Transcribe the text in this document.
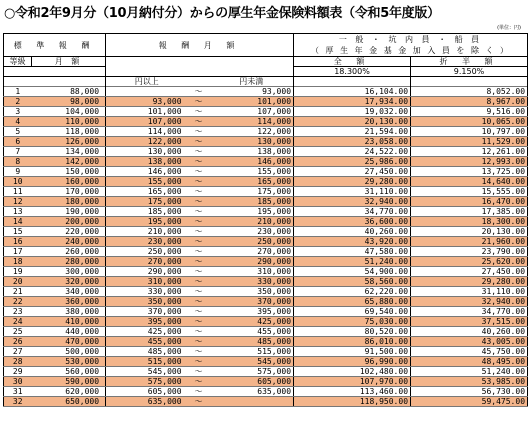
○令和2年9月分（10月納付分）からの厚生年金保険料額表（令和5年度版）
(単位：円)
標 準 報 酬		報 酬 月 額			一 般 ・ 坑 内 員 ・ 船 員	
					（ 厚 生 年 金 基 金 加 入 員 を 除 く ）	
等級	月 額				全 額	折 半 額
					18.300%	9.150%
		円以上		円未満		
1	88,000		〜	93,000	16,104.00	8,052.00
2	98,000	93,000	〜	101,000	17,934.00	8,967.00
3	104,000	101,000	〜	107,000	19,032.00	9,516.00
4	110,000	107,000	〜	114,000	20,130.00	10,065.00
5	118,000	114,000	〜	122,000	21,594.00	10,797.00
6	126,000	122,000	〜	130,000	23,058.00	11,529.00
7	134,000	130,000	〜	138,000	24,522.00	12,261.00
8	142,000	138,000	〜	146,000	25,986.00	12,993.00
9	150,000	146,000	〜	155,000	27,450.00	13,725.00
10	160,000	155,000	〜	165,000	29,280.00	14,640.00
11	170,000	165,000	〜	175,000	31,110.00	15,555.00
12	180,000	175,000	〜	185,000	32,940.00	16,470.00
13	190,000	185,000	〜	195,000	34,770.00	17,385.00
14	200,000	195,000	〜	210,000	36,600.00	18,300.00
15	220,000	210,000	〜	230,000	40,260.00	20,130.00
16	240,000	230,000	〜	250,000	43,920.00	21,960.00
17	260,000	250,000	〜	270,000	47,580.00	23,790.00
18	280,000	270,000	〜	290,000	51,240.00	25,620.00
19	300,000	290,000	〜	310,000	54,900.00	27,450.00
20	320,000	310,000	〜	330,000	58,560.00	29,280.00
21	340,000	330,000	〜	350,000	62,220.00	31,110.00
22	360,000	350,000	〜	370,000	65,880.00	32,940.00
23	380,000	370,000	〜	395,000	69,540.00	34,770.00
24	410,000	395,000	〜	425,000	75,030.00	37,515.00
25	440,000	425,000	〜	455,000	80,520.00	40,260.00
26	470,000	455,000	〜	485,000	86,010.00	43,005.00
27	500,000	485,000	〜	515,000	91,500.00	45,750.00
28	530,000	515,000	〜	545,000	96,990.00	48,495.00
29	560,000	545,000	〜	575,000	102,480.00	51,240.00
30	590,000	575,000	〜	605,000	107,970.00	53,985.00
31	620,000	605,000	〜	635,000	113,460.00	56,730.00
32	650,000	635,000	〜		118,950.00	59,475.00
